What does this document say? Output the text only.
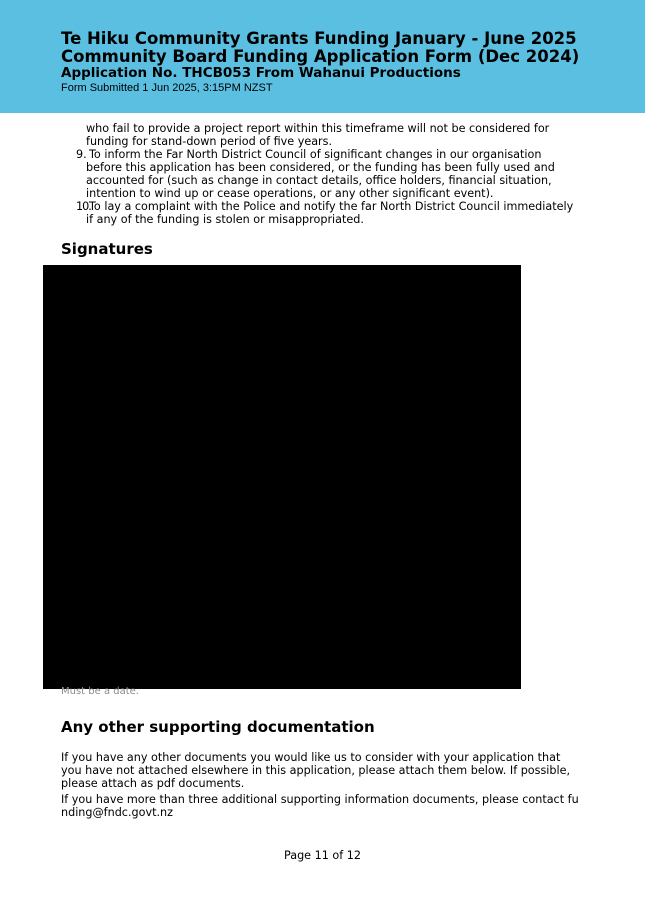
Te Hiku Community Grants Funding January - June 2025
Community Board Funding Application Form (Dec 2024)
Application No. THCB053 From Wahanui Productions
Form Submitted 1 Jun 2025, 3:15PM NZST
who fail to provide a project report within this timeframe will not be considered for
funding for stand-down period of five years.
9. To inform the Far North District Council of significant changes in our organisation
before this application has been considered, or the funding has been fully used and
accounted for (such as change in contact details, office holders, financial situation,
intention to wind up or cease operations, or any other significant event).
10.
To lay a complaint with the Police and notify the far North District Council immediately
if any of the funding is stolen or misappropriated.
Signatures
Must be a date.
Any other supporting documentation
If you have any other documents you would like us to consider with your application that
you have not attached elsewhere in this application, please attach them below. If possible,
please attach as pdf documents.
If you have more than three additional supporting information documents, please contact fu
nding@fndc.govt.nz
Page 11 of 12
